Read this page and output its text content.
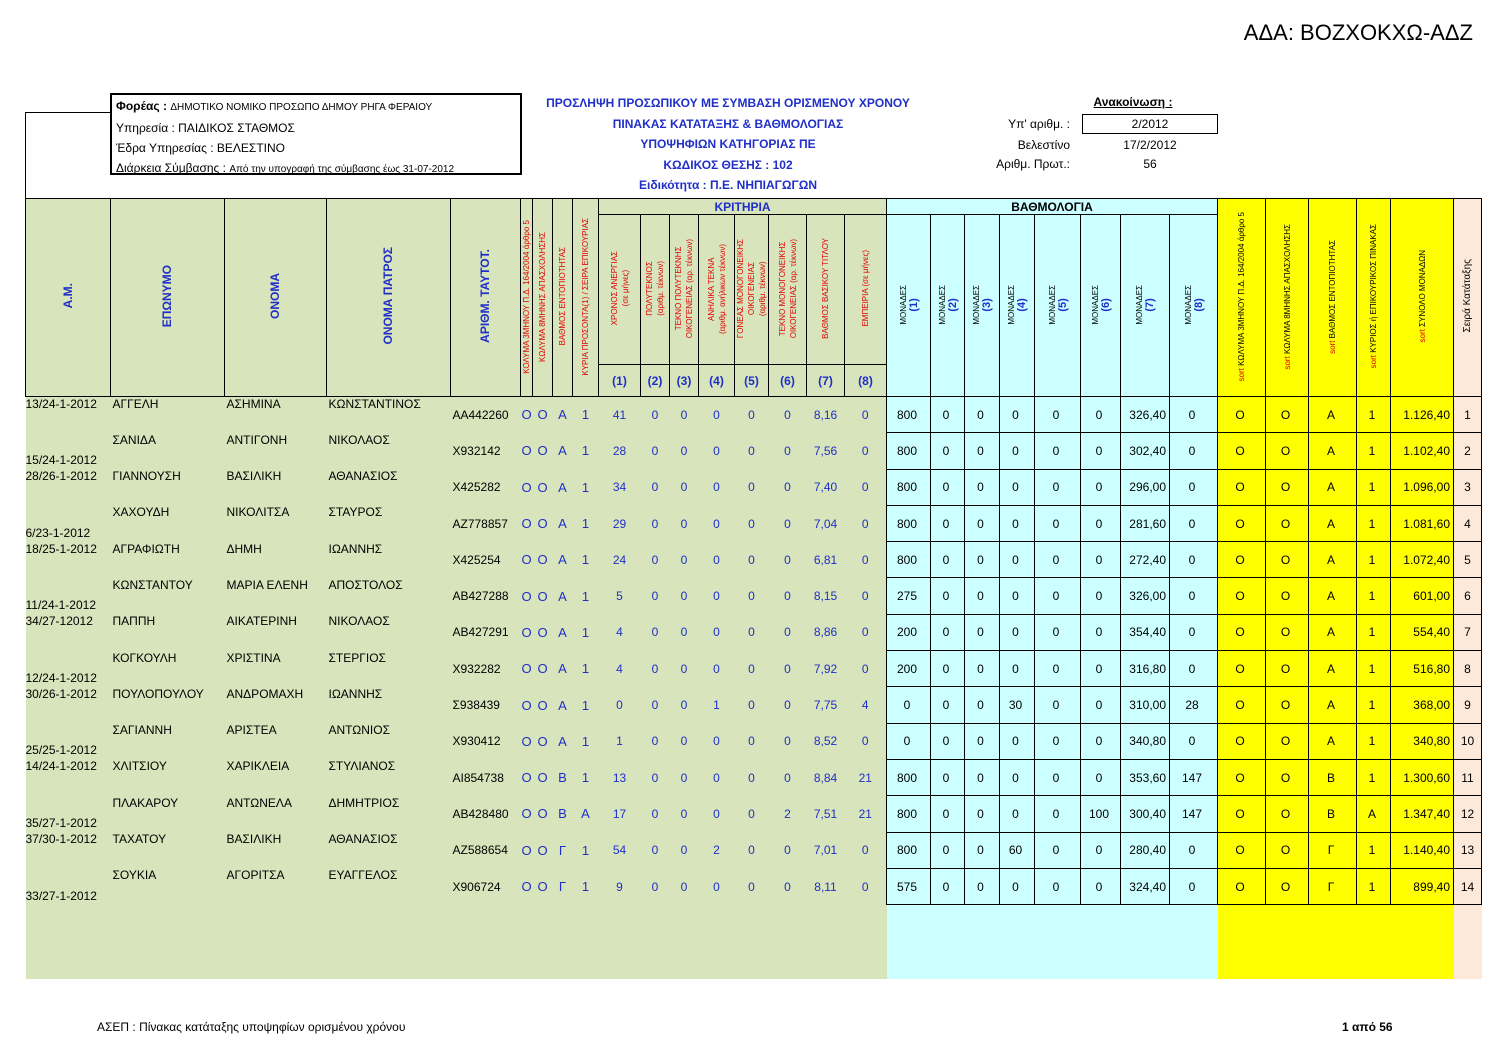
ΑΔΑ: ΒΟΖΧΟΚΧΩ-ΑΔΖ
Φορέας : ΔΗΜΟΤΙΚΟ ΝΟΜΙΚΟ ΠΡΟΣΩΠΟ ΔΗΜΟΥ ΡΗΓΑ ΦΕΡΑΙΟΥ
Υπηρεσία : ΠΑΙΔΙΚΟΣ ΣΤΑΘΜΟΣ
Έδρα Υπηρεσίας : ΒΕΛΕΣΤΙΝΟ
Διάρκεια Σύμβασης : Από την υπογραφή της σύμβασης έως 31-07-2012
ΠΡΟΣΛΗΨΗ ΠΡΟΣΩΠΙΚΟΥ ΜΕ ΣΥΜΒΑΣΗ ΟΡΙΣΜΕΝΟΥ ΧΡΟΝΟΥ
ΠΙΝΑΚΑΣ ΚΑΤΑΤΑΞΗΣ & ΒΑΘΜΟΛΟΓΙΑΣ
ΥΠΟΨΗΦΙΩΝ ΚΑΤΗΓΟΡΙΑΣ ΠΕ
ΚΩΔΙΚΟΣ ΘΕΣΗΣ : 102
Ειδικότητα : Π.Ε. ΝΗΠΙΑΓΩΓΩΝ
Ανακοίνωση :
Υπ' αριθμ. :	2/2012
Βελεστίνο	17/2/2012
Αριθμ. Πρωτ.:	56
Α.Μ.	ΕΠΩΝΥΜΟ	ΟΝΟΜΑ	ΟΝΟΜΑ ΠΑΤΡΟΣ	ΑΡΙΘΜ. ΤΑΥΤΟΤ.	ΚΟΛΥΜΑ 3ΜΗΝΟΥ Π.Δ. 164/2004 άρθρο 5	ΚΩΛΥΜΑ 8ΜΗΝΗΣ ΑΠΑΣΧΟΛΗΣΗΣ	ΒΑΘΜΟΣ ΕΝΤΟΠΙΟΤΗΤΑΣ	ΚΥΡΙΑ ΠΡΟΣΟΝΤΑ(1) / ΣΕΙΡΑ ΕΠΙΚΟΥΡΙΑΣ	ΚΡΙΤΗΡΙΑ								ΒΑΘΜΟΛΟΓΙΑ								sort ΚΩΛΥΜΑ 3ΜΗΝΟΥ Π.Δ. 164/2004 άρθρο 5	sort ΚΩΛΥΜΑ 8ΜΗΝΗΣ ΑΠΑΣΧΟΛΗΣΗΣ	sort ΒΑΘΜΟΣ ΕΝΤΟΠΙΟΤΗΤΑΣ	sort ΚΥΡΙΟΣ ή ΕΠΙΚΟΥΡΙΚΟΣ ΠΙΝΑΚΑΣ	sort ΣΥΝΟΛΟ ΜΟΝΑΔΩΝ	Σειρά Κατάταξης

									ΧΡΟΝΟΣ ΑΝΕΡΓΙΑΣ (σε μήνες)	ΠΟΛΥΤΕΚΝΟΣ (αριθμ. τέκνων)	ΤΕΚΝΟ ΠΟΛΥΤΕΚΝΗΣ ΟΙΚΟΓΕΝΕΙΑΣ (αρ. τέκνων)	ΑΝΗΛΙΚΑ ΤΕΚΝΑ (αριθμ. ανήλικων τέκνων)	ΓΟΝΕΑΣ ΜΟΝΟΓΟΝΕΙΚΗΣ ΟΙΚΟΓΕΝΕΙΑΣ (αριθμ. τέκνων)	ΤΕΚΝΟ ΜΟΝΟΓΟΝΕΙΚΗΣ ΟΙΚΟΓΕΝΕΙΑΣ (αρ. τέκνων)	ΒΑΘΜΟΣ ΒΑΣΙΚΟΥ ΤΙΤΛΟΥ	ΕΜΠΕΙΡΙΑ (σε μήνες)	ΜΟΝΑΔΕΣ (1)	ΜΟΝΑΔΕΣ (2)	ΜΟΝΑΔΕΣ (3)	ΜΟΝΑΔΕΣ (4)	ΜΟΝΑΔΕΣ (5)	ΜΟΝΑΔΕΣ (6)	ΜΟΝΑΔΕΣ (7)	ΜΟΝΑΔΕΣ (8)						

									(1)	(2)	(3)	(4)	(5)	(6)	(7)	(8)														
13/24-1-2012	ΑΓΓΕΛΗ	ΑΣΗΜΙΝΑ	ΚΩΝΣΤΑΝΤΙΝΟΣ	ΑΑ442260	Ο	Ο	Α	1	41	0	0	0	0	0	8,16	0	800	0	0	0	0	0	326,40	0	Ο	Ο	Α	1	1.126,40	1
15/24-1-2012	ΣΑΝΙΔΑ	ΑΝΤΙΓΟΝΗ	ΝΙΚΟΛΑΟΣ	Χ932142	Ο	Ο	Α	1	28	0	0	0	0	0	7,56	0	800	0	0	0	0	0	302,40	0	Ο	Ο	Α	1	1.102,40	2
28/26-1-2012	ΓΙΑΝΝΟΥΣΗ	ΒΑΣΙΛΙΚΗ	ΑΘΑΝΑΣΙΟΣ	Χ425282	Ο	Ο	Α	1	34	0	0	0	0	0	7,40	0	800	0	0	0	0	0	296,00	0	Ο	Ο	Α	1	1.096,00	3
6/23-1-2012	ΧΑΧΟΥΔΗ	ΝΙΚΟΛΙΤΣΑ	ΣΤΑΥΡΟΣ	ΑΖ778857	Ο	Ο	Α	1	29	0	0	0	0	0	7,04	0	800	0	0	0	0	0	281,60	0	Ο	Ο	Α	1	1.081,60	4
18/25-1-2012	ΑΓΡΑΦΙΩΤΗ	ΔΗΜΗ	ΙΩΑΝΝΗΣ	Χ425254	Ο	Ο	Α	1	24	0	0	0	0	0	6,81	0	800	0	0	0	0	0	272,40	0	Ο	Ο	Α	1	1.072,40	5
11/24-1-2012	ΚΩΝΣΤΑΝΤΟΥ	ΜΑΡΙΑ ΕΛΕΝΗ	ΑΠΟΣΤΟΛΟΣ	ΑΒ427288	Ο	Ο	Α	1	5	0	0	0	0	0	8,15	0	275	0	0	0	0	0	326,00	0	Ο	Ο	Α	1	601,00	6
34/27-12012	ΠΑΠΠΗ	ΑΙΚΑΤΕΡΙΝΗ	ΝΙΚΟΛΑΟΣ	ΑΒ427291	Ο	Ο	Α	1	4	0	0	0	0	0	8,86	0	200	0	0	0	0	0	354,40	0	Ο	Ο	Α	1	554,40	7
12/24-1-2012	ΚΟΓΚΟΥΛΗ	ΧΡΙΣΤΙΝΑ	ΣΤΕΡΓΙΟΣ	Χ932282	Ο	Ο	Α	1	4	0	0	0	0	0	7,92	0	200	0	0	0	0	0	316,80	0	Ο	Ο	Α	1	516,80	8
30/26-1-2012	ΠΟΥΛΟΠΟΥΛΟΥ	ΑΝΔΡΟΜΑΧΗ	ΙΩΑΝΝΗΣ	Σ938439	Ο	Ο	Α	1	0	0	0	1	0	0	7,75	4	0	0	0	30	0	0	310,00	28	Ο	Ο	Α	1	368,00	9
25/25-1-2012	ΣΑΓΙΑΝΝΗ	ΑΡΙΣΤΕΑ	ΑΝΤΩΝΙΟΣ	Χ930412	Ο	Ο	Α	1	1	0	0	0	0	0	8,52	0	0	0	0	0	0	0	340,80	0	Ο	Ο	Α	1	340,80	10
14/24-1-2012	ΧΛΙΤΣΙΟΥ	ΧΑΡΙΚΛΕΙΑ	ΣΤΥΛΙΑΝΟΣ	ΑΙ854738	Ο	Ο	Β	1	13	0	0	0	0	0	8,84	21	800	0	0	0	0	0	353,60	147	Ο	Ο	Β	1	1.300,60	11
35/27-1-2012	ΠΛΑΚΑΡΟΥ	ΑΝΤΩΝΕΛΑ	ΔΗΜΗΤΡΙΟΣ	ΑΒ428480	Ο	Ο	Β	Α	17	0	0	0	0	2	7,51	21	800	0	0	0	0	100	300,40	147	Ο	Ο	Β	Α	1.347,40	12
37/30-1-2012	ΤΑΧΑΤΟΥ	ΒΑΣΙΛΙΚΗ	ΑΘΑΝΑΣΙΟΣ	ΑΖ588654	Ο	Ο	Γ	1	54	0	0	2	0	0	7,01	0	800	0	0	60	0	0	280,40	0	Ο	Ο	Γ	1	1.140,40	13
33/27-1-2012	ΣΟΥΚΙΑ	ΑΓΟΡΙΤΣΑ	ΕΥΑΓΓΕΛΟΣ	Χ906724	Ο	Ο	Γ	1	9	0	0	0	0	0	8,11	0	575	0	0	0	0	0	324,40	0	Ο	Ο	Γ	1	899,40	14

ΑΣΕΠ : Πίνακας κατάταξης υποψηφίων ορισμένου χρόνου	1 από 56
